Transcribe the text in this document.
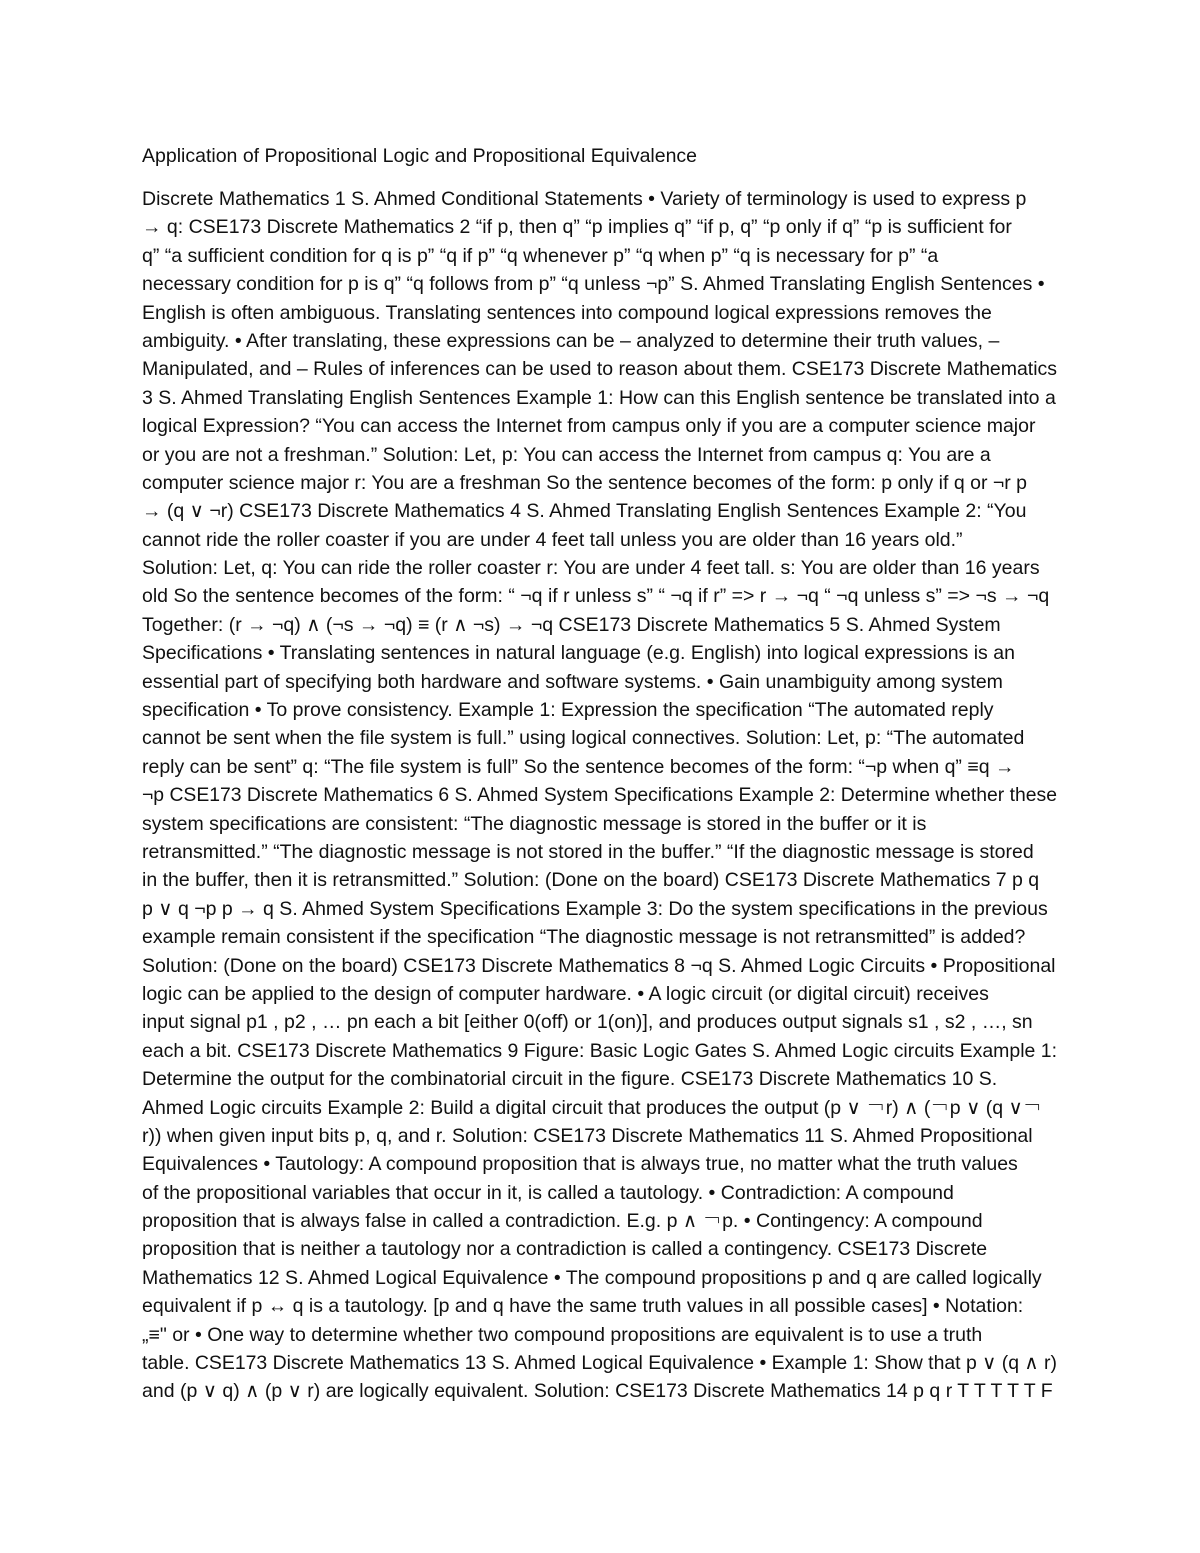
Application of Propositional Logic and Propositional Equivalence
Discrete Mathematics 1 S. Ahmed Conditional Statements • Variety of terminology is used to express p
→ q: CSE173 Discrete Mathematics 2 “if p, then q” “p implies q” “if p, q” “p only if q” “p is sufficient for
q” “a sufficient condition for q is p” “q if p” “q whenever p” “q when p” “q is necessary for p” “a
necessary condition for p is q” “q follows from p” “q unless ¬p” S. Ahmed Translating English Sentences •
English is often ambiguous. Translating sentences into compound logical expressions removes the
ambiguity. • After translating, these expressions can be – analyzed to determine their truth values, –
Manipulated, and – Rules of inferences can be used to reason about them. CSE173 Discrete Mathematics
3 S. Ahmed Translating English Sentences Example 1: How can this English sentence be translated into a
logical Expression? “You can access the Internet from campus only if you are a computer science major
or you are not a freshman.” Solution: Let, p: You can access the Internet from campus q: You are a
computer science major r: You are a freshman So the sentence becomes of the form: p only if q or ¬r p
→ (q ∨ ¬r) CSE173 Discrete Mathematics 4 S. Ahmed Translating English Sentences Example 2: “You
cannot ride the roller coaster if you are under 4 feet tall unless you are older than 16 years old.”
Solution: Let, q: You can ride the roller coaster r: You are under 4 feet tall. s: You are older than 16 years
old So the sentence becomes of the form: “ ¬q if r unless s” “ ¬q if r” => r → ¬q “ ¬q unless s” => ¬s → ¬q
Together: (r → ¬q) ∧ (¬s → ¬q) ≡ (r ∧ ¬s) → ¬q CSE173 Discrete Mathematics 5 S. Ahmed System
Specifications • Translating sentences in natural language (e.g. English) into logical expressions is an
essential part of specifying both hardware and software systems. • Gain unambiguity among system
specification • To prove consistency. Example 1: Expression the specification “The automated reply
cannot be sent when the file system is full.” using logical connectives. Solution: Let, p: “The automated
reply can be sent” q: “The file system is full” So the sentence becomes of the form: “¬p when q” ≡q →
¬p CSE173 Discrete Mathematics 6 S. Ahmed System Specifications Example 2: Determine whether these
system specifications are consistent: “The diagnostic message is stored in the buffer or it is
retransmitted.” “The diagnostic message is not stored in the buffer.” “If the diagnostic message is stored
in the buffer, then it is retransmitted.” Solution: (Done on the board) CSE173 Discrete Mathematics 7 p q
p ∨ q ¬p p → q S. Ahmed System Specifications Example 3: Do the system specifications in the previous
example remain consistent if the specification “The diagnostic message is not retransmitted” is added?
Solution: (Done on the board) CSE173 Discrete Mathematics 8 ¬q S. Ahmed Logic Circuits • Propositional
logic can be applied to the design of computer hardware. • A logic circuit (or digital circuit) receives
input signal p1 , p2 , … pn each a bit [either 0(off) or 1(on)], and produces output signals s1 , s2 , …, sn
each a bit. CSE173 Discrete Mathematics 9 Figure: Basic Logic Gates S. Ahmed Logic circuits Example 1:
Determine the output for the combinatorial circuit in the figure. CSE173 Discrete Mathematics 10 S.
Ahmed Logic circuits Example 2: Build a digital circuit that produces the output (p ∨ ￢r) ∧ (￢p ∨ (q ∨￢
r)) when given input bits p, q, and r. Solution: CSE173 Discrete Mathematics 11 S. Ahmed Propositional
Equivalences • Tautology: A compound proposition that is always true, no matter what the truth values
of the propositional variables that occur in it, is called a tautology. • Contradiction: A compound
proposition that is always false in called a contradiction. E.g. p ∧ ￢p. • Contingency: A compound
proposition that is neither a tautology nor a contradiction is called a contingency. CSE173 Discrete
Mathematics 12 S. Ahmed Logical Equivalence • The compound propositions p and q are called logically
equivalent if p ↔ q is a tautology. [p and q have the same truth values in all possible cases] • Notation:
„≡" or • One way to determine whether two compound propositions are equivalent is to use a truth
table. CSE173 Discrete Mathematics 13 S. Ahmed Logical Equivalence • Example 1: Show that p ∨ (q ∧ r)
and (p ∨ q) ∧ (p ∨ r) are logically equivalent. Solution: CSE173 Discrete Mathematics 14 p q r T T T T T F
